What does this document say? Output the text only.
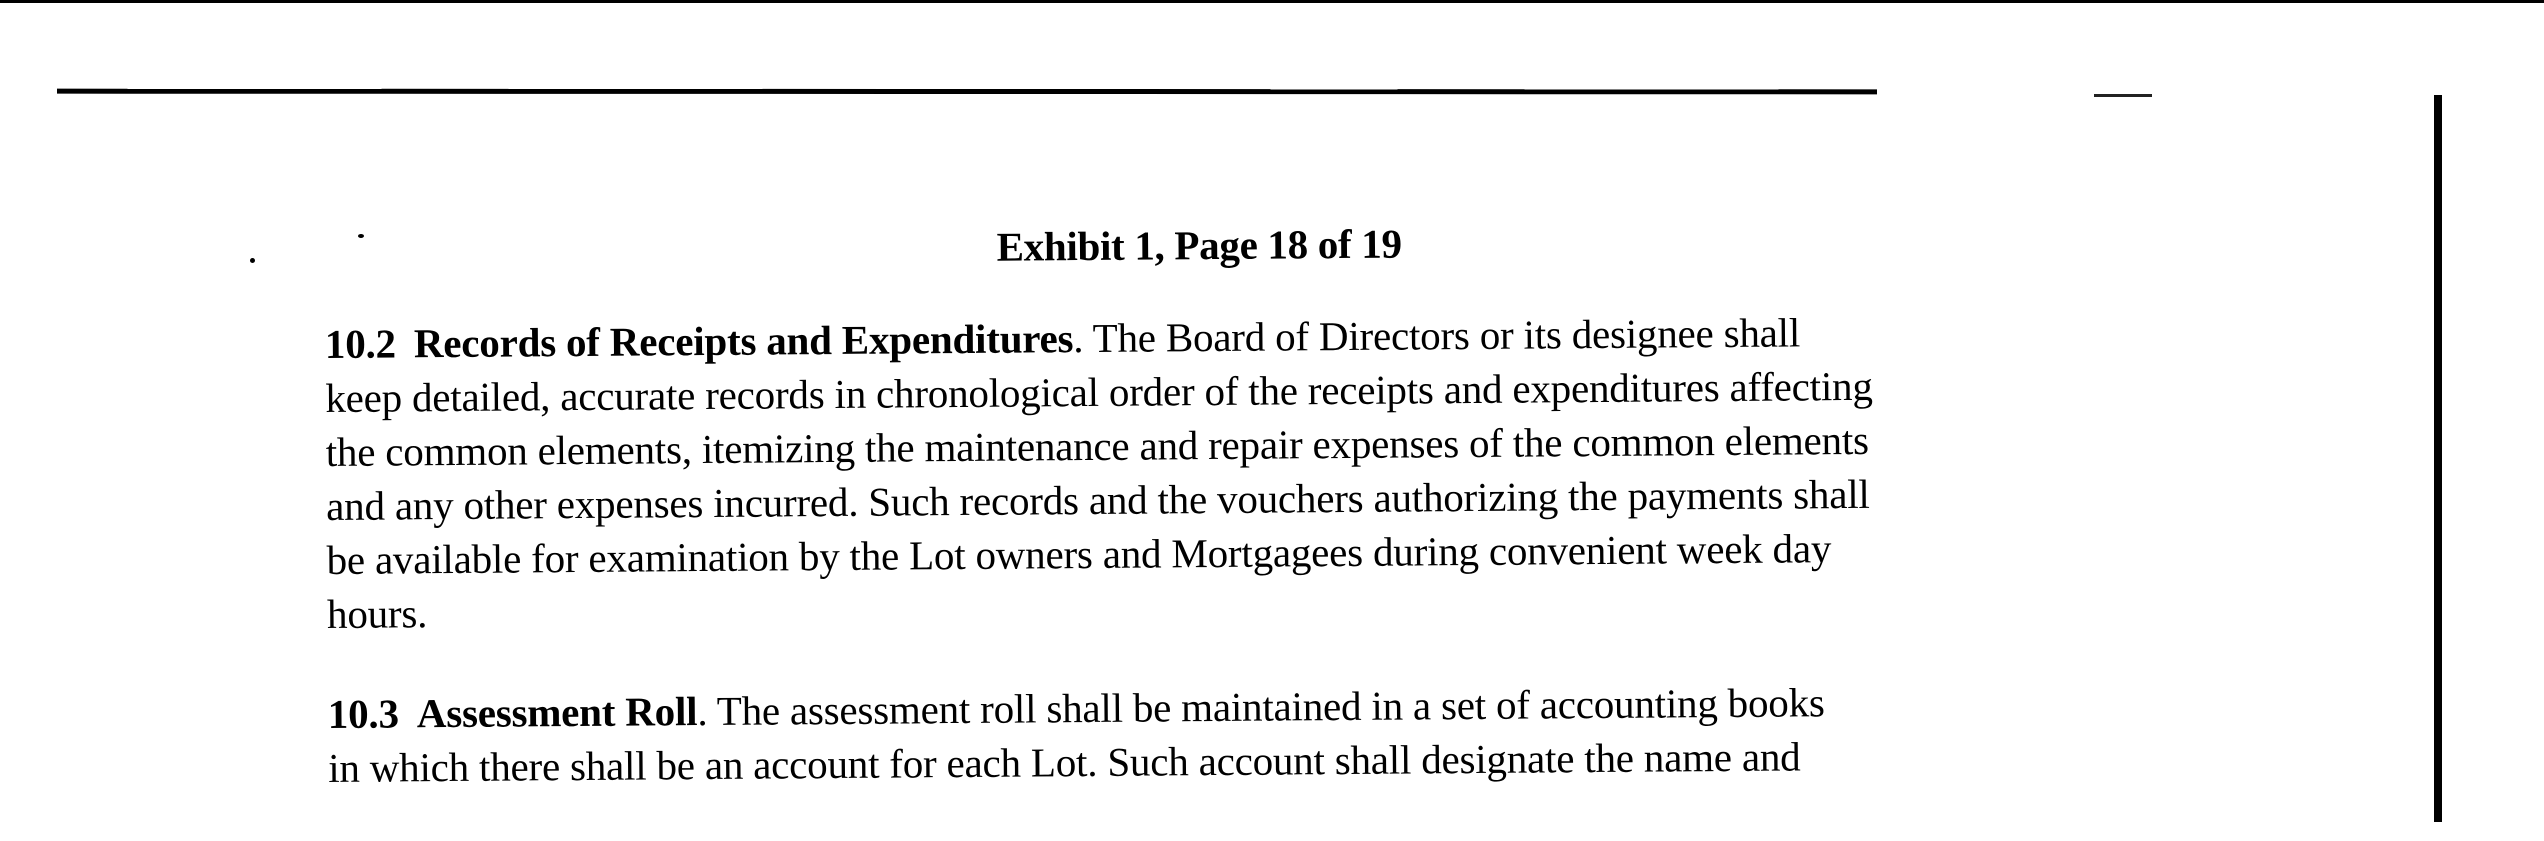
Exhibit 1, Page 18 of 19
10.2 Records of Receipts and Expenditures. The Board of Directors or its designee shall
keep detailed, accurate records in chronological order of the receipts and expenditures affecting
the common elements, itemizing the maintenance and repair expenses of the common elements
and any other expenses incurred. Such records and the vouchers authorizing the payments shall
be available for examination by the Lot owners and Mortgagees during convenient week day
hours.
10.3 Assessment Roll. The assessment roll shall be maintained in a set of accounting books
in which there shall be an account for each Lot. Such account shall designate the name and
